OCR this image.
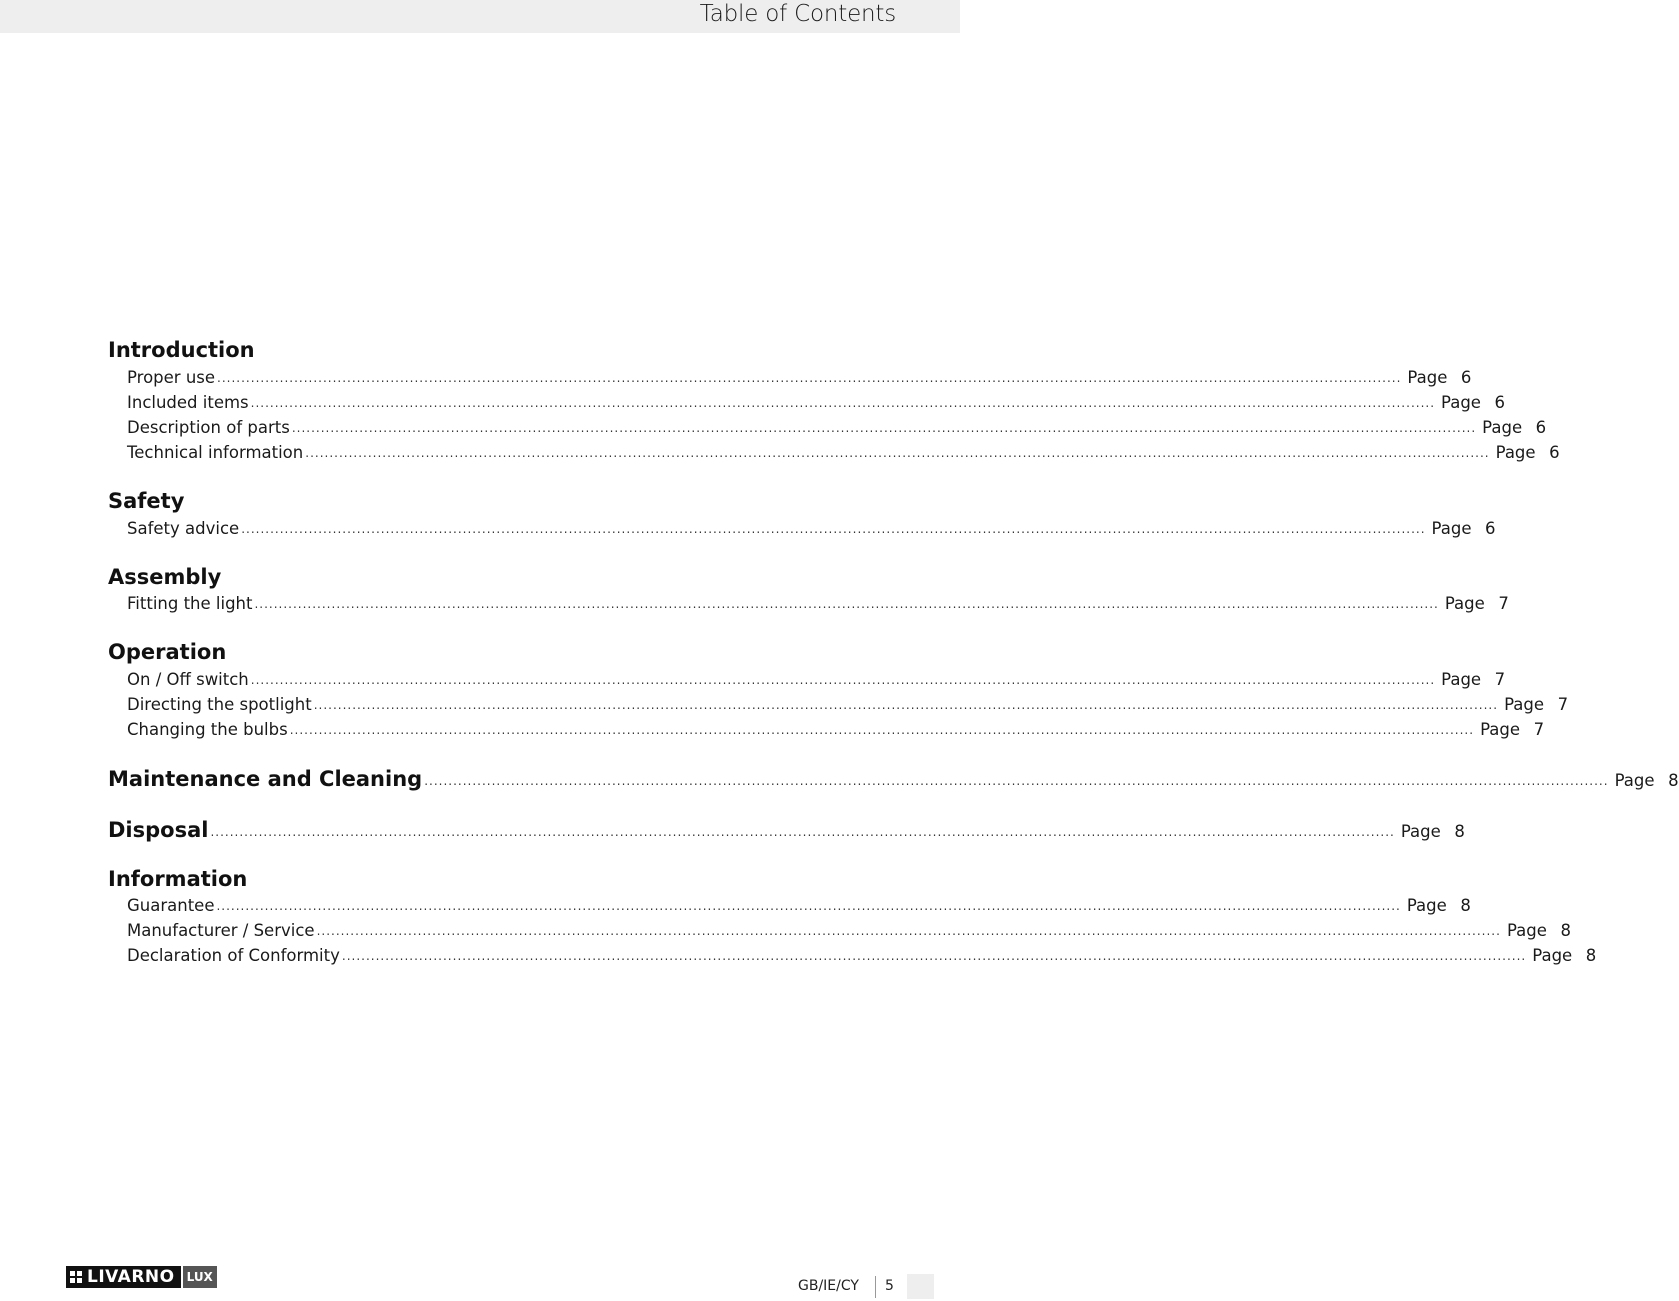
Table of Contents
Introduction
Proper use ...................................................................................................................................................................................................................................................... Page 6
Included items ...................................................................................................................................................................................................................................................... Page 6
Description of parts ...................................................................................................................................................................................................................................................... Page 6
Technical information ...................................................................................................................................................................................................................................................... Page 6
Safety
Safety advice ...................................................................................................................................................................................................................................................... Page 6
Assembly
Fitting the light ...................................................................................................................................................................................................................................................... Page 7
Operation
On / Off switch ...................................................................................................................................................................................................................................................... Page 7
Directing the spotlight ...................................................................................................................................................................................................................................................... Page 7
Changing the bulbs ...................................................................................................................................................................................................................................................... Page 7
Maintenance and Cleaning ...................................................................................................................................................................................................................................................... Page 8
Disposal ...................................................................................................................................................................................................................................................... Page 8
Information
Guarantee ...................................................................................................................................................................................................................................................... Page 8
Manufacturer / Service ...................................................................................................................................................................................................................................................... Page 8
Declaration of Conformity ...................................................................................................................................................................................................................................................... Page 8
LIVARNO	LUX
GB/IE/CY 5
